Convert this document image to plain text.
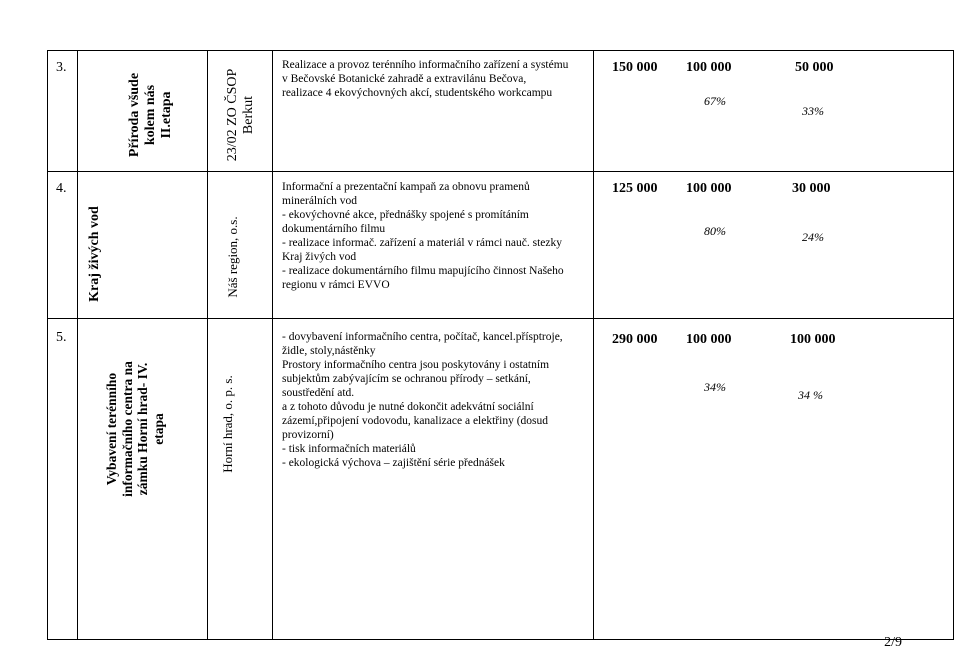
3.
Příroda všude
kolem nás
II.etapa
23/02 ZO ČSOP
Berkut
Realizace a provoz terénního informačního zařízení a systému
v Bečovské Botanické zahradě a extravilánu Bečova,
realizace 4 ekovýchovných akcí, studentského workcampu
150 000 100 000
67%
50 000
33%
4.
Kraj živých vod	Náš region, o.s.
Informační a prezentační kampaň za obnovu pramenů
minerálních vod
- ekovýchovné akce, přednášky spojené s promítáním
dokumentárního filmu
- realizace informač. zařízení a materiál v rámci nauč. stezky
Kraj živých vod
- realizace dokumentárního filmu mapujícího činnost Našeho
regionu v rámci EVVO
125 000 100 000
80%
30 000
24%
5.
Vybavení terénního
informačního centra na
zámku Horní hrad- IV.
etapa	Horní hrad, o. p. s.
- dovybavení informačního centra, počítač, kancel.přísptroje,
židle, stoly,nástěnky
Prostory informačního centra jsou poskytovány i ostatním
subjektům zabývajícím se ochranou přírody – setkání,
soustředění atd.
a z tohoto důvodu je nutné dokončit adekvátní sociální
zázemí,připojení vodovodu, kanalizace a elektřiny (dosud
provizorní)
- tisk informačních materiálů
- ekologická výchova – zajištění série přednášek
290 000 100 000
34%
100 000
34 %
2/9
